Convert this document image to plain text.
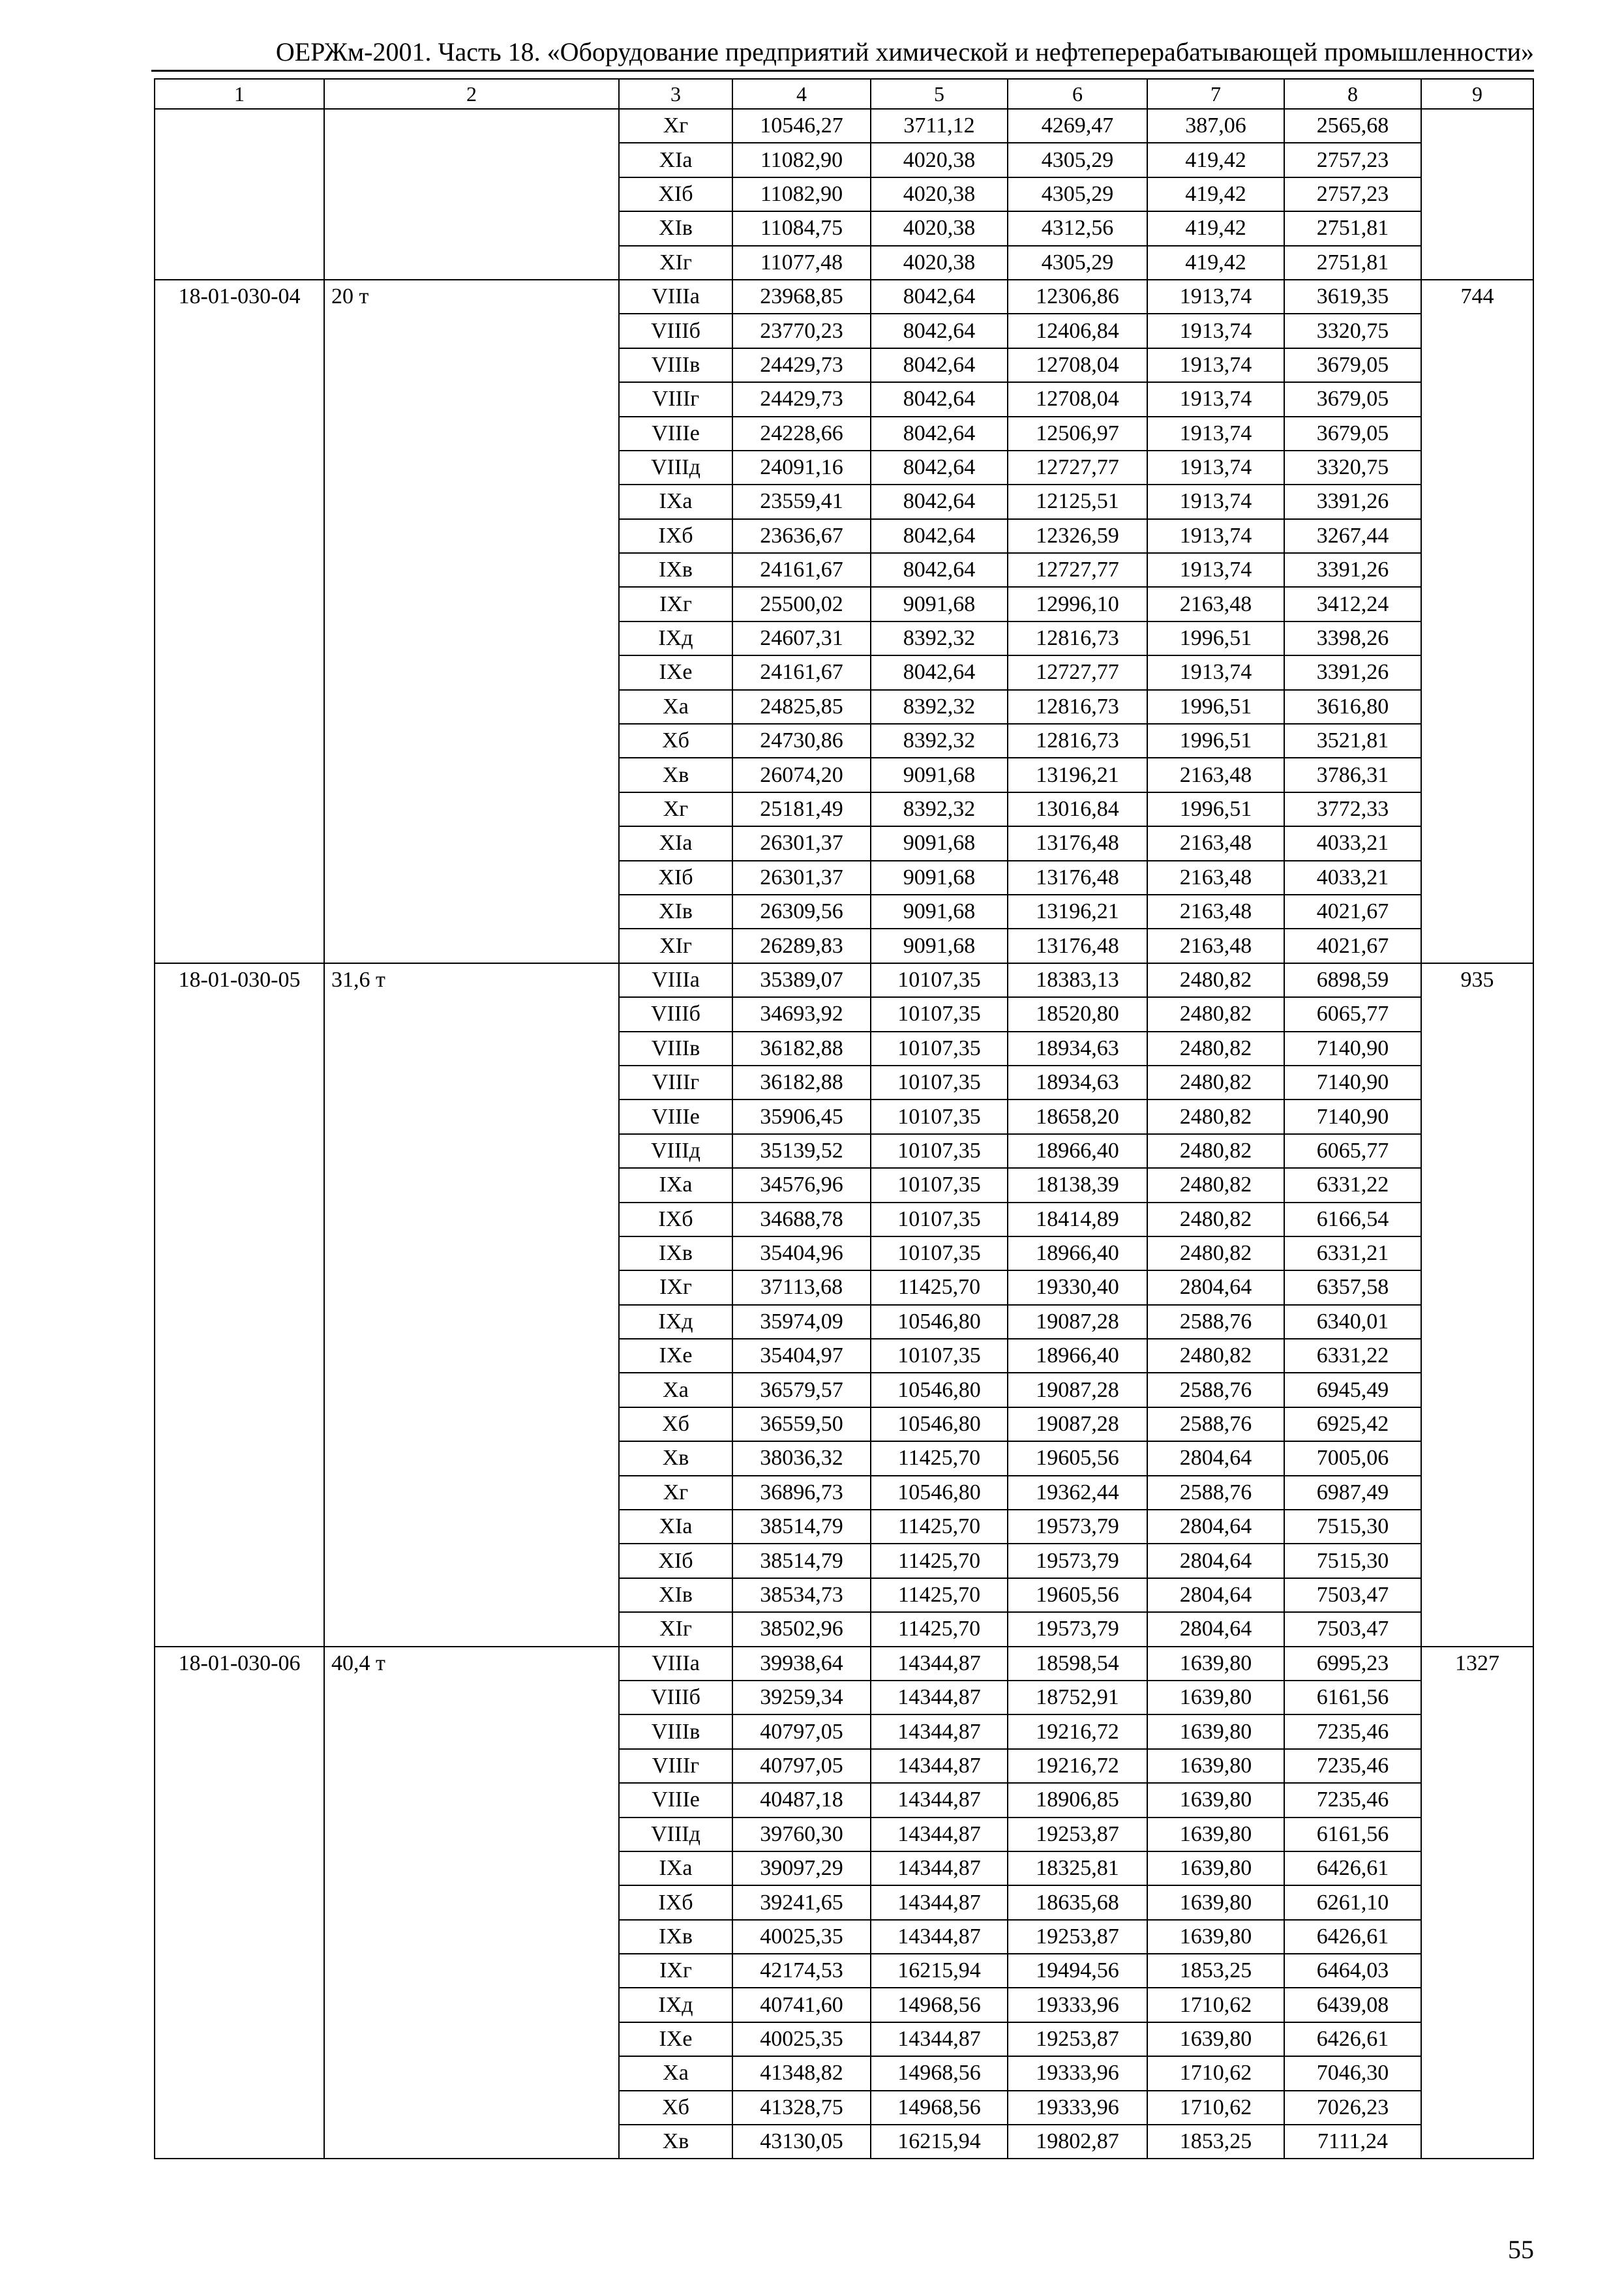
ОЕРЖм-2001. Часть 18. «Оборудование предприятий химической и нефтеперерабатывающей промышленности»
1	2	3	4	5	6	7	8	9
		Xг	10546,27	3711,12	4269,47	387,06	2565,68	
		XIa	11082,90	4020,38	4305,29	419,42	2757,23	
		XIб	11082,90	4020,38	4305,29	419,42	2757,23	
		XIв	11084,75	4020,38	4312,56	419,42	2751,81	
		XIг	11077,48	4020,38	4305,29	419,42	2751,81	
18-01-030-04	20 т	VIIIa	23968,85	8042,64	12306,86	1913,74	3619,35	744
		VIIIб	23770,23	8042,64	12406,84	1913,74	3320,75	
		VIIIв	24429,73	8042,64	12708,04	1913,74	3679,05	
		VIIIг	24429,73	8042,64	12708,04	1913,74	3679,05	
		VIIIe	24228,66	8042,64	12506,97	1913,74	3679,05	
		VIIIд	24091,16	8042,64	12727,77	1913,74	3320,75	
		IXa	23559,41	8042,64	12125,51	1913,74	3391,26	
		IXб	23636,67	8042,64	12326,59	1913,74	3267,44	
		IXв	24161,67	8042,64	12727,77	1913,74	3391,26	
		IXг	25500,02	9091,68	12996,10	2163,48	3412,24	
		IXд	24607,31	8392,32	12816,73	1996,51	3398,26	
		IXe	24161,67	8042,64	12727,77	1913,74	3391,26	
		Xa	24825,85	8392,32	12816,73	1996,51	3616,80	
		Xб	24730,86	8392,32	12816,73	1996,51	3521,81	
		Xв	26074,20	9091,68	13196,21	2163,48	3786,31	
		Xг	25181,49	8392,32	13016,84	1996,51	3772,33	
		XIa	26301,37	9091,68	13176,48	2163,48	4033,21	
		XIб	26301,37	9091,68	13176,48	2163,48	4033,21	
		XIв	26309,56	9091,68	13196,21	2163,48	4021,67	
		XIг	26289,83	9091,68	13176,48	2163,48	4021,67	
18-01-030-05	31,6 т	VIIIa	35389,07	10107,35	18383,13	2480,82	6898,59	935
		VIIIб	34693,92	10107,35	18520,80	2480,82	6065,77	
		VIIIв	36182,88	10107,35	18934,63	2480,82	7140,90	
		VIIIг	36182,88	10107,35	18934,63	2480,82	7140,90	
		VIIIe	35906,45	10107,35	18658,20	2480,82	7140,90	
		VIIIд	35139,52	10107,35	18966,40	2480,82	6065,77	
		IXa	34576,96	10107,35	18138,39	2480,82	6331,22	
		IXб	34688,78	10107,35	18414,89	2480,82	6166,54	
		IXв	35404,96	10107,35	18966,40	2480,82	6331,21	
		IXг	37113,68	11425,70	19330,40	2804,64	6357,58	
		IXд	35974,09	10546,80	19087,28	2588,76	6340,01	
		IXe	35404,97	10107,35	18966,40	2480,82	6331,22	
		Xa	36579,57	10546,80	19087,28	2588,76	6945,49	
		Xб	36559,50	10546,80	19087,28	2588,76	6925,42	
		Xв	38036,32	11425,70	19605,56	2804,64	7005,06	
		Xг	36896,73	10546,80	19362,44	2588,76	6987,49	
		XIa	38514,79	11425,70	19573,79	2804,64	7515,30	
		XIб	38514,79	11425,70	19573,79	2804,64	7515,30	
		XIв	38534,73	11425,70	19605,56	2804,64	7503,47	
		XIг	38502,96	11425,70	19573,79	2804,64	7503,47	
18-01-030-06	40,4 т	VIIIa	39938,64	14344,87	18598,54	1639,80	6995,23	1327
		VIIIб	39259,34	14344,87	18752,91	1639,80	6161,56	
		VIIIв	40797,05	14344,87	19216,72	1639,80	7235,46	
		VIIIг	40797,05	14344,87	19216,72	1639,80	7235,46	
		VIIIe	40487,18	14344,87	18906,85	1639,80	7235,46	
		VIIIд	39760,30	14344,87	19253,87	1639,80	6161,56	
		IXa	39097,29	14344,87	18325,81	1639,80	6426,61	
		IXб	39241,65	14344,87	18635,68	1639,80	6261,10	
		IXв	40025,35	14344,87	19253,87	1639,80	6426,61	
		IXг	42174,53	16215,94	19494,56	1853,25	6464,03	
		IXд	40741,60	14968,56	19333,96	1710,62	6439,08	
		IXe	40025,35	14344,87	19253,87	1639,80	6426,61	
		Xa	41348,82	14968,56	19333,96	1710,62	7046,30	
		Xб	41328,75	14968,56	19333,96	1710,62	7026,23	
		Xв	43130,05	16215,94	19802,87	1853,25	7111,24	
55
